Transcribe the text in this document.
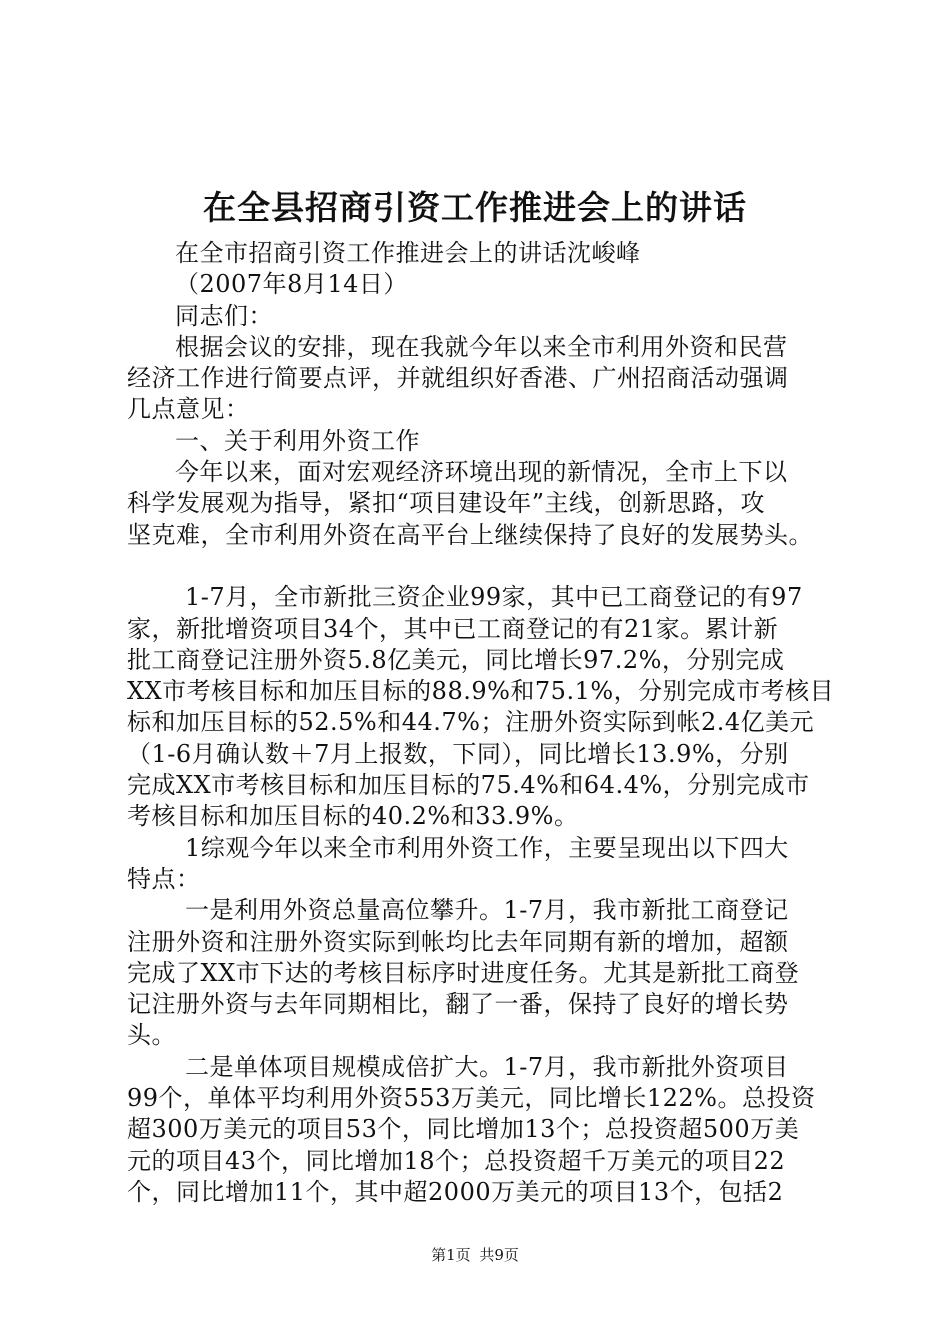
在全县招商引资工作推进会上的讲话
在全市招商引资工作推进会上的讲话沈峻峰
（2007年8月14日）
同志们：
根据会议的安排，现在我就今年以来全市利用外资和民营
经济工作进行简要点评，并就组织好香港、广州招商活动强调
几点意见：
一、关于利用外资工作
今年以来，面对宏观经济环境出现的新情况，全市上下以
科学发展观为指导，紧扣“项目建设年”主线，创新思路，攻
坚克难，全市利用外资在高平台上继续保持了良好的发展势头。
1-7月，全市新批三资企业99家，其中已工商登记的有97
家，新批增资项目34个，其中已工商登记的有21家。累计新
批工商登记注册外资5.8亿美元，同比增长97.2%，分别完成
XX市考核目标和加压目标的88.9%和75.1%，分别完成市考核目
标和加压目标的52.5%和44.7%；注册外资实际到帐2.4亿美元
（1-6月确认数＋7月上报数，下同），同比增长13.9%，分别
完成XX市考核目标和加压目标的75.4%和64.4%，分别完成市
考核目标和加压目标的40.2%和33.9%。
1综观今年以来全市利用外资工作，主要呈现出以下四大
特点：
一是利用外资总量高位攀升。1-7月，我市新批工商登记
注册外资和注册外资实际到帐均比去年同期有新的增加，超额
完成了XX市下达的考核目标序时进度任务。尤其是新批工商登
记注册外资与去年同期相比，翻了一番，保持了良好的增长势
头。
二是单体项目规模成倍扩大。1-7月，我市新批外资项目
99个，单体平均利用外资553万美元，同比增长122%。总投资
超300万美元的项目53个，同比增加13个；总投资超500万美
元的项目43个，同比增加18个；总投资超千万美元的项目22
个，同比增加11个，其中超2000万美元的项目13个，包括2
第1页 共9页
